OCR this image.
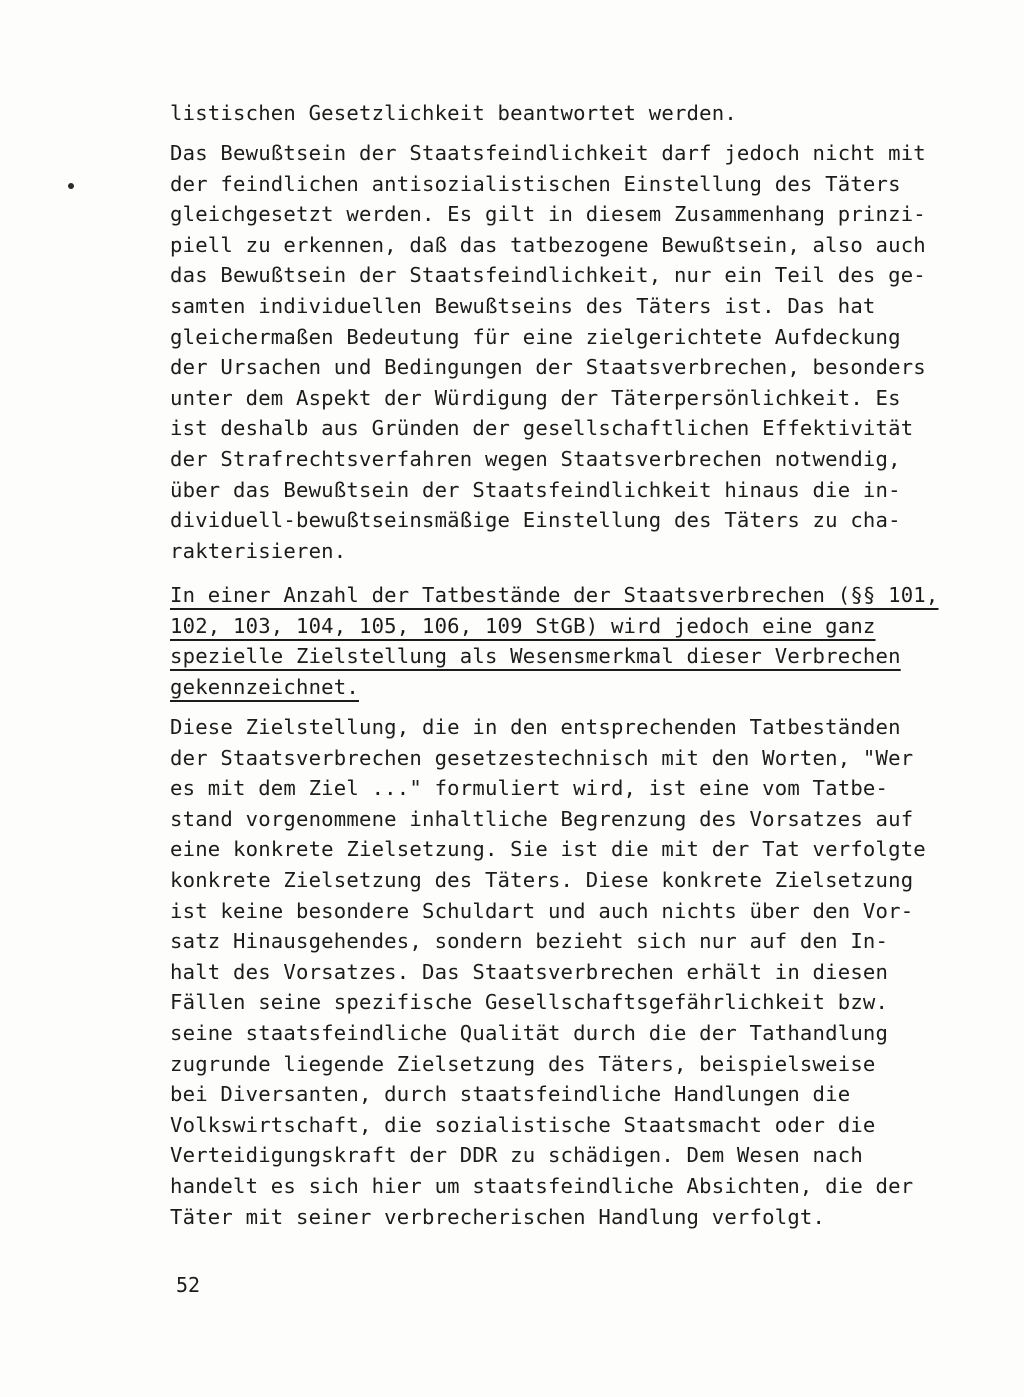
listischen Gesetzlichkeit beantwortet werden.
Das Bewußtsein der Staatsfeindlichkeit darf jedoch nicht mit
der feindlichen antisozialistischen Einstellung des Täters
gleichgesetzt werden. Es gilt in diesem Zusammenhang prinzi-
piell zu erkennen, daß das tatbezogene Bewußtsein, also auch
das Bewußtsein der Staatsfeindlichkeit, nur ein Teil des ge-
samten individuellen Bewußtseins des Täters ist. Das hat
gleichermaßen Bedeutung für eine zielgerichtete Aufdeckung
der Ursachen und Bedingungen der Staatsverbrechen, besonders
unter dem Aspekt der Würdigung der Täterpersönlichkeit. Es
ist deshalb aus Gründen der gesellschaftlichen Effektivität
der Strafrechtsverfahren wegen Staatsverbrechen notwendig,
über das Bewußtsein der Staatsfeindlichkeit hinaus die in-
dividuell-bewußtseinsmäßige Einstellung des Täters zu cha-
rakterisieren.
In einer Anzahl der Tatbestände der Staatsverbrechen (§§ 101,
102, 103, 104, 105, 106, 109 StGB) wird jedoch eine ganz
spezielle Zielstellung als Wesensmerkmal dieser Verbrechen
gekennzeichnet.
Diese Zielstellung, die in den entsprechenden Tatbeständen
der Staatsverbrechen gesetzestechnisch mit den Worten, "Wer
es mit dem Ziel ..." formuliert wird, ist eine vom Tatbe-
stand vorgenommene inhaltliche Begrenzung des Vorsatzes auf
eine konkrete Zielsetzung. Sie ist die mit der Tat verfolgte
konkrete Zielsetzung des Täters. Diese konkrete Zielsetzung
ist keine besondere Schuldart und auch nichts über den Vor-
satz Hinausgehendes, sondern bezieht sich nur auf den In-
halt des Vorsatzes. Das Staatsverbrechen erhält in diesen
Fällen seine spezifische Gesellschaftsgefährlichkeit bzw.
seine staatsfeindliche Qualität durch die der Tathandlung
zugrunde liegende Zielsetzung des Täters, beispielsweise
bei Diversanten, durch staatsfeindliche Handlungen die
Volkswirtschaft, die sozialistische Staatsmacht oder die
Verteidigungskraft der DDR zu schädigen. Dem Wesen nach
handelt es sich hier um staatsfeindliche Absichten, die der
Täter mit seiner verbrecherischen Handlung verfolgt.
52
